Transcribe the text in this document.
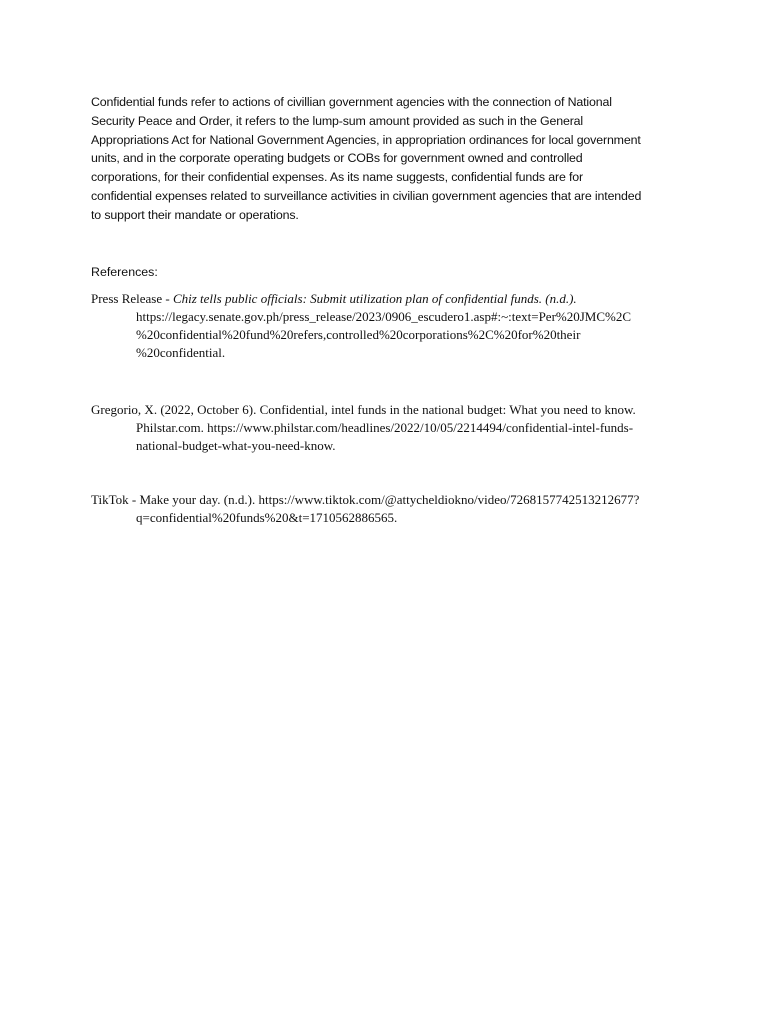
Confidential funds refer to actions of civillian government agencies with the connection of National
Security Peace and Order, it refers to the lump-sum amount provided as such in the General
Appropriations Act for National Government Agencies, in appropriation ordinances for local government
units, and in the corporate operating budgets or COBs for government owned and controlled
corporations, for their confidential expenses. As its name suggests, confidential funds are for
confidential expenses related to surveillance activities in civilian government agencies that are intended
to support their mandate or operations.

References:

Press Release - Chiz tells public officials: Submit utilization plan of confidential funds. (n.d.).
https://legacy.senate.gov.ph/press_release/2023/0906_escudero1.asp#:~:text=Per%20JMC%2C
%20confidential%20fund%20refers,controlled%20corporations%2C%20for%20their
%20confidential.
Gregorio, X. (2022, October 6). Confidential, intel funds in the national budget: What you need to know.
Philstar.com. https://www.philstar.com/headlines/2022/10/05/2214494/confidential-intel-funds-
national-budget-what-you-need-know.
TikTok - Make your day. (n.d.). https://www.tiktok.com/@attycheldiokno/video/7268157742513212677?
q=confidential%20funds%20&t=1710562886565.
